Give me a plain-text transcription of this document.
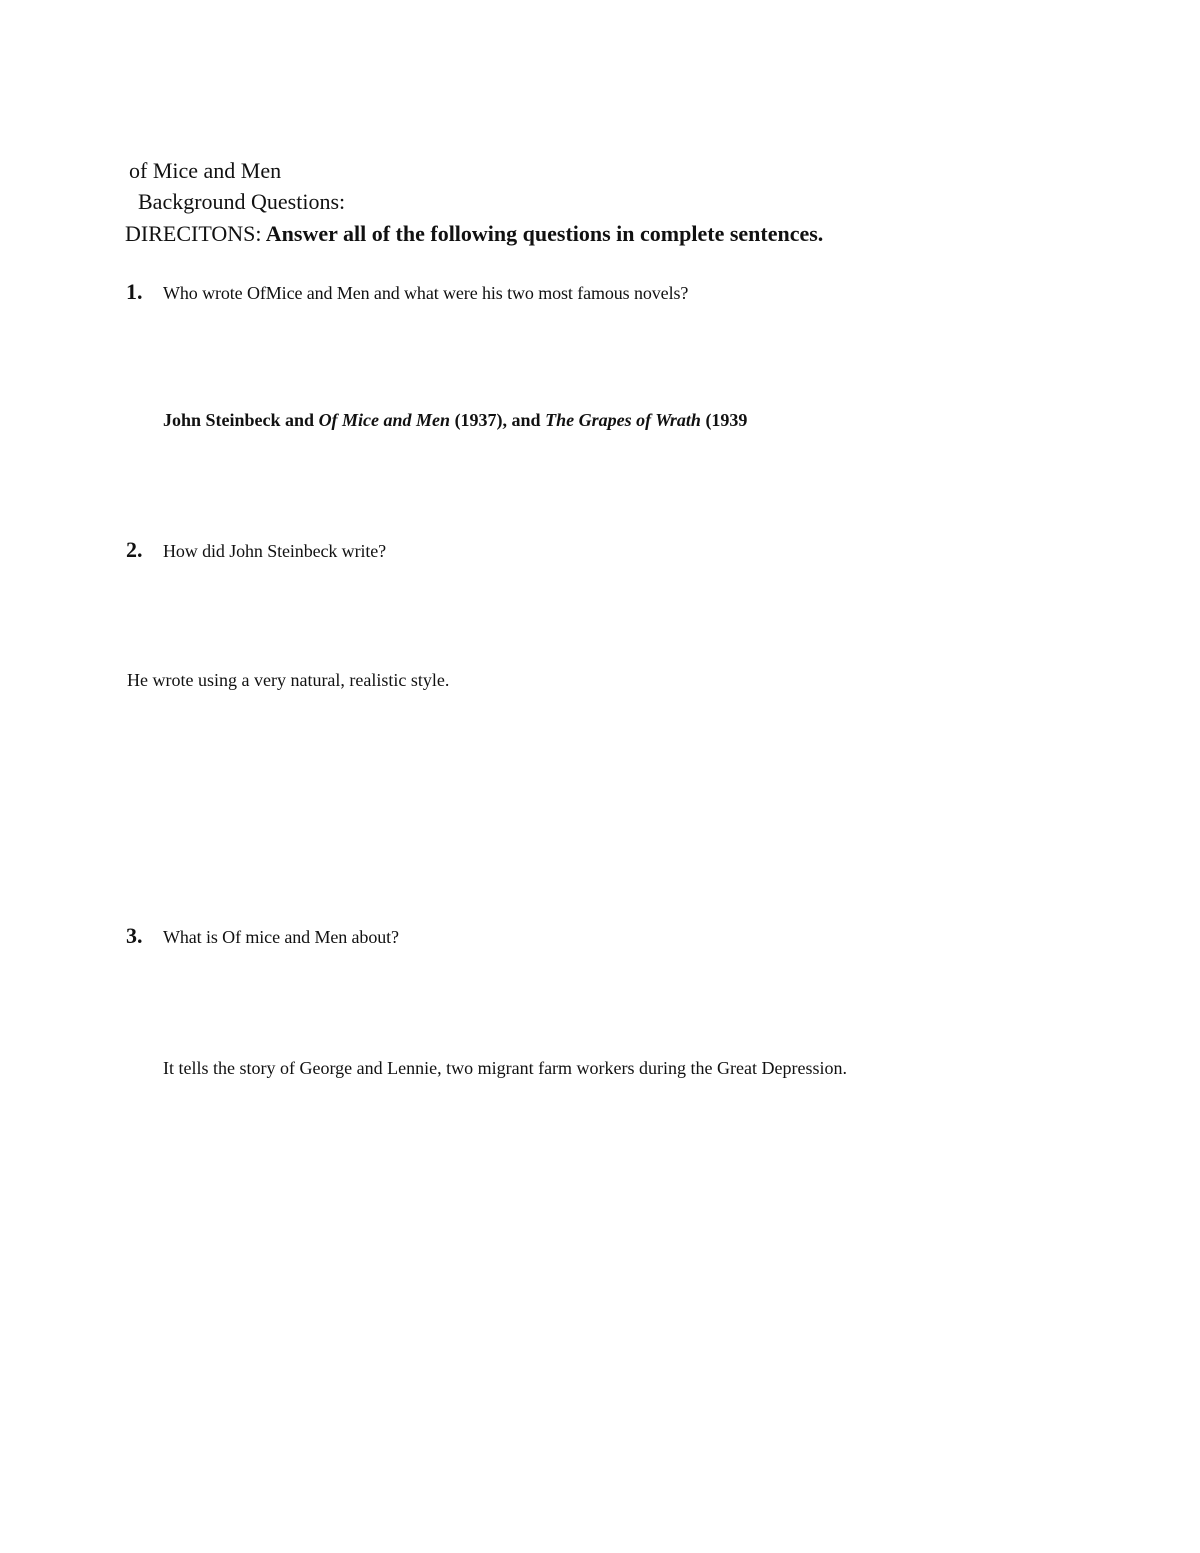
of Mice and Men
Background Questions:
DIRECITONS: Answer all of the following questions in complete sentences.
1. Who wrote OfMice and Men and what were his two most famous novels?
John Steinbeck and Of Mice and Men (1937), and The Grapes of Wrath (1939
2. How did John Steinbeck write?
He wrote using a very natural, realistic style.
3. What is Of mice and Men about?
It tells the story of George and Lennie, two migrant farm workers during the Great Depression.
